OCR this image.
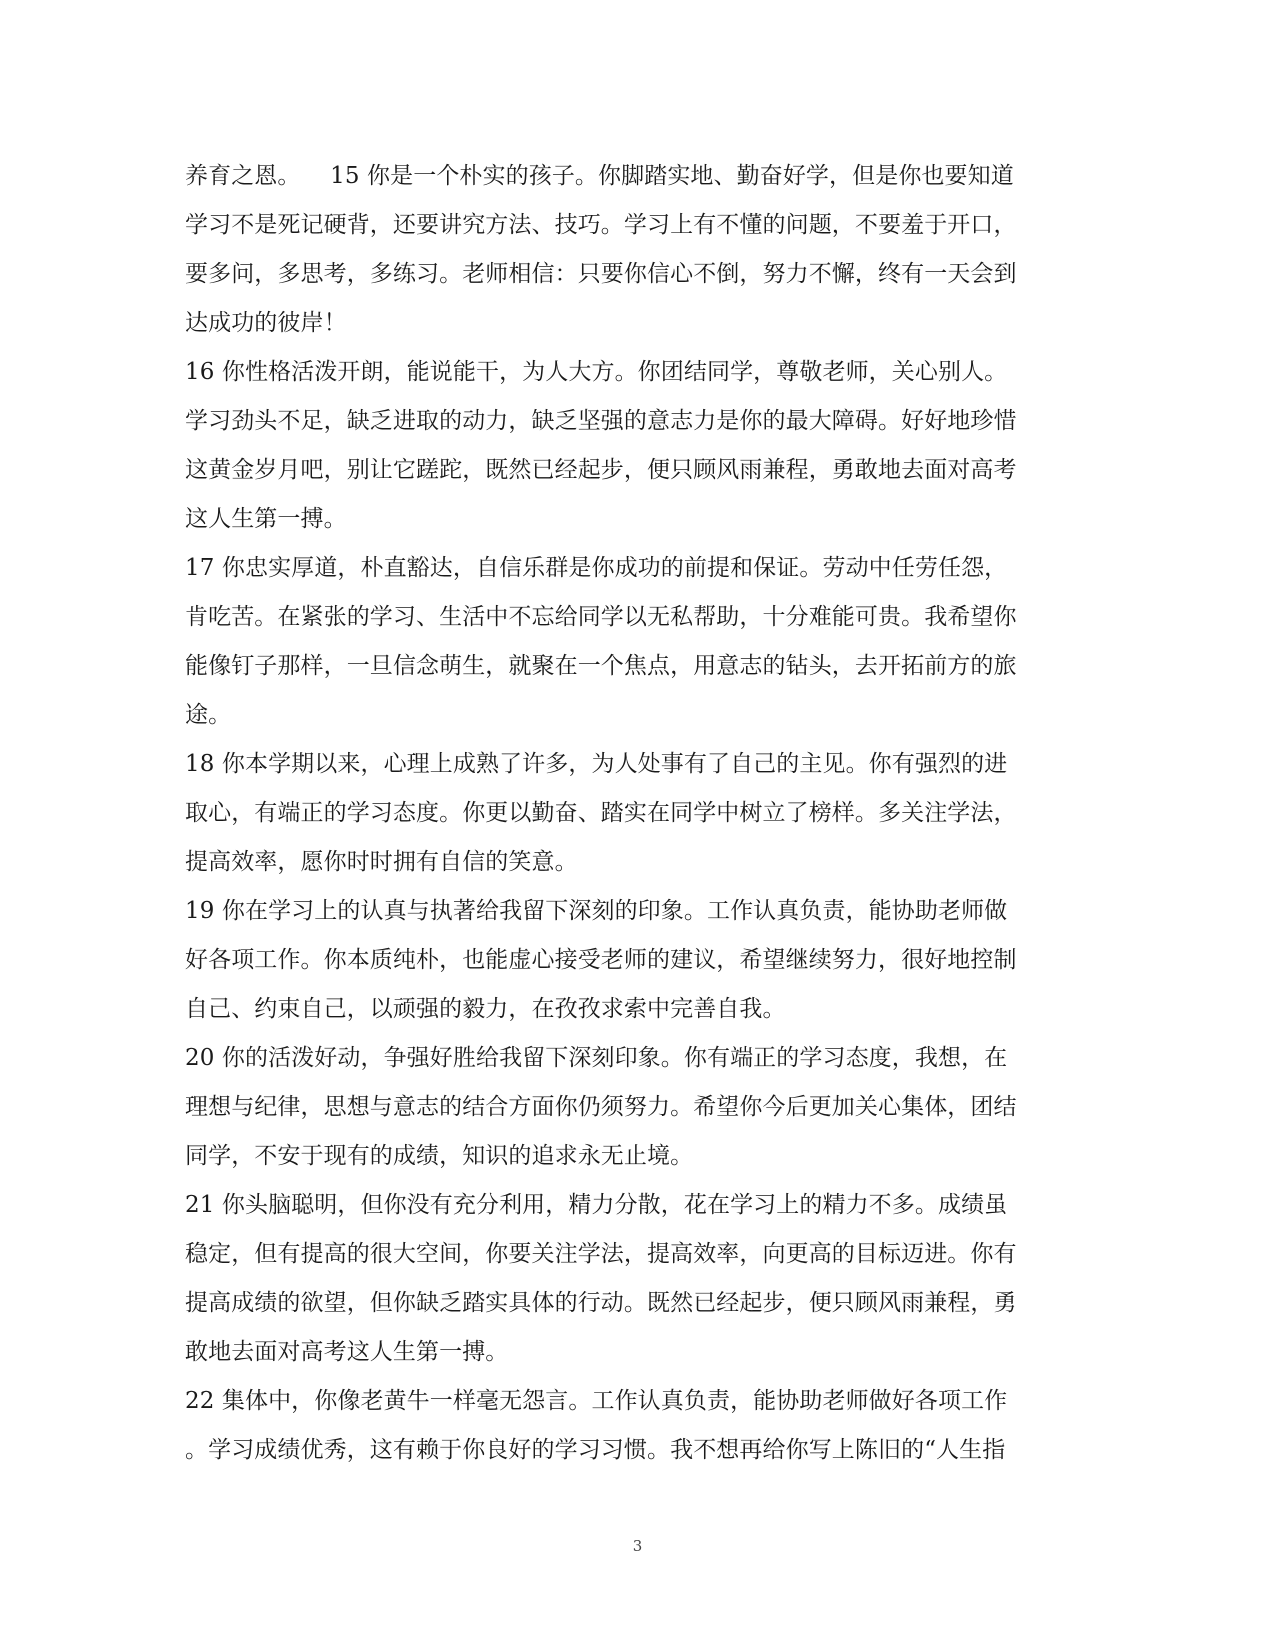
养育之恩。    15 你是一个朴实的孩子。你脚踏实地、勤奋好学，但是你也要知道
学习不是死记硬背，还要讲究方法、技巧。学习上有不懂的问题，不要羞于开口，
要多问，多思考，多练习。老师相信：只要你信心不倒，努力不懈，终有一天会到
达成功的彼岸！
16 你性格活泼开朗，能说能干，为人大方。你团结同学，尊敬老师，关心别人。
学习劲头不足，缺乏进取的动力，缺乏坚强的意志力是你的最大障碍。好好地珍惜
这黄金岁月吧，别让它蹉跎，既然已经起步，便只顾风雨兼程，勇敢地去面对高考
这人生第一搏。
17 你忠实厚道，朴直豁达，自信乐群是你成功的前提和保证。劳动中任劳任怨，
肯吃苦。在紧张的学习、生活中不忘给同学以无私帮助，十分难能可贵。我希望你
能像钉子那样，一旦信念萌生，就聚在一个焦点，用意志的钻头，去开拓前方的旅
途。
18 你本学期以来，心理上成熟了许多，为人处事有了自己的主见。你有强烈的进
取心，有端正的学习态度。你更以勤奋、踏实在同学中树立了榜样。多关注学法，
提高效率，愿你时时拥有自信的笑意。
19 你在学习上的认真与执著给我留下深刻的印象。工作认真负责，能协助老师做
好各项工作。你本质纯朴，也能虚心接受老师的建议，希望继续努力，很好地控制
自己、约束自己，以顽强的毅力，在孜孜求索中完善自我。
20 你的活泼好动，争强好胜给我留下深刻印象。你有端正的学习态度，我想，在
理想与纪律，思想与意志的结合方面你仍须努力。希望你今后更加关心集体，团结
同学，不安于现有的成绩，知识的追求永无止境。
21 你头脑聪明，但你没有充分利用，精力分散，花在学习上的精力不多。成绩虽
稳定，但有提高的很大空间，你要关注学法，提高效率，向更高的目标迈进。你有
提高成绩的欲望，但你缺乏踏实具体的行动。既然已经起步，便只顾风雨兼程，勇
敢地去面对高考这人生第一搏。
22 集体中，你像老黄牛一样毫无怨言。工作认真负责，能协助老师做好各项工作
。学习成绩优秀，这有赖于你良好的学习习惯。我不想再给你写上陈旧的“人生指
3
